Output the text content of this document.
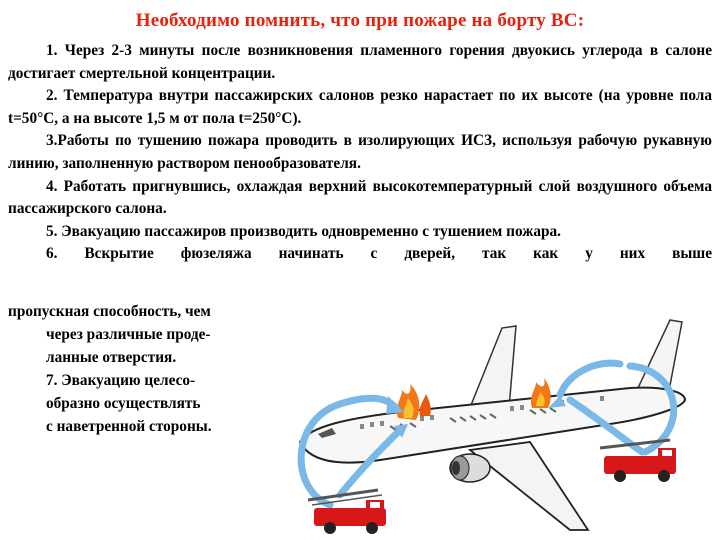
Необходимо помнить, что при пожаре на борту ВС:

1. Через 2-3 минуты после возникновения пламенного горения двуокись углерода в салоне достигает смертельной концентрации.

2. Температура внутри пассажирских салонов резко нарастает по их высоте (на уровне пола t=50°С, а на высоте 1,5 м от пола t=250°С).

3.Работы по тушению пожара проводить в изолирующих ИСЗ, используя рабочую рукавную линию, заполненную раствором пенообразователя.

4. Работать пригнувшись, охлаждая верхний высокотемпературный слой воздушного объема пассажирского салона.

5. Эвакуацию пассажиров производить одновременно с тушением пожара.

6. Вскрытие фюзеляжа начинать с дверей, так как у них выше

пропускная способность, чем

через различные проде-

ланные отверстия.

7. Эвакуацию целесо-

образно осуществлять

с наветренной стороны.
